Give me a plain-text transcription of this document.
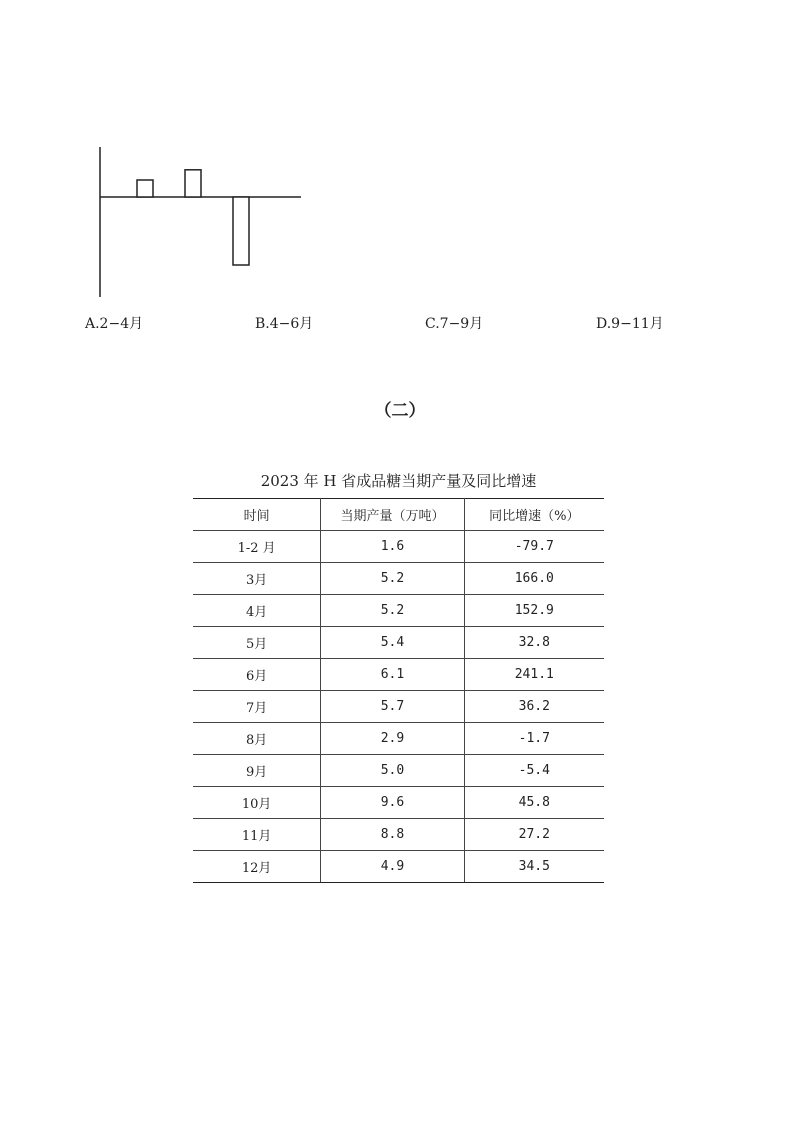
A.2−4月	B.4−6月	C.7−9月	D.9−11月
（二）
2023 年 H 省成品糖当期产量及同比增速
时间	当期产量（万吨）	同比增速（%）
1-2 月	1.6	-79.7
3月	5.2	166.0
4月	5.2	152.9
5月	5.4	32.8
6月	6.1	241.1
7月	5.7	36.2
8月	2.9	-1.7
9月	5.0	-5.4
10月	9.6	45.8
11月	8.8	27.2
12月	4.9	34.5
